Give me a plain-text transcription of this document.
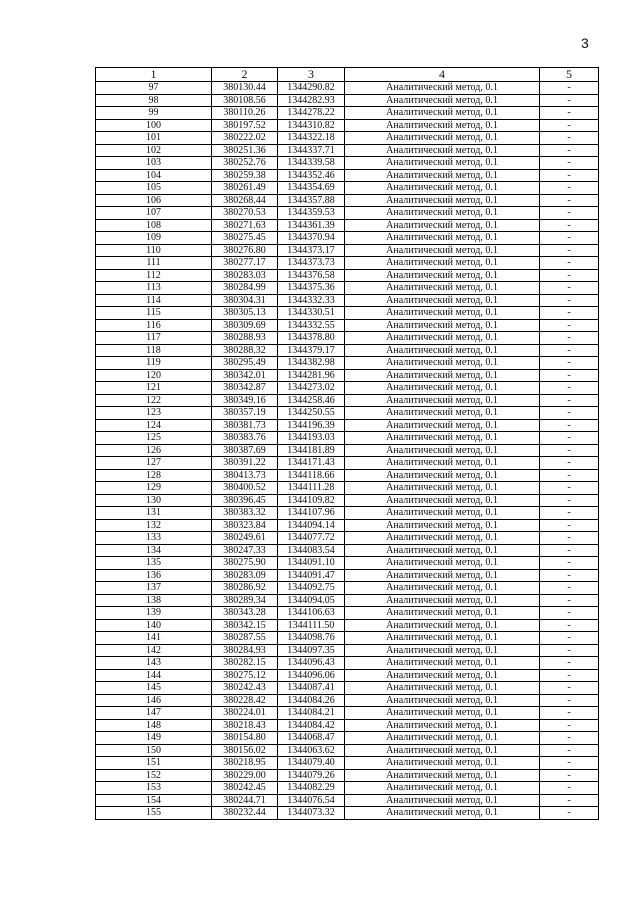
3
1	2	3	4	5
97	380130.44	1344290.82	Аналитический метод, 0.1	-
98	380108.56	1344282.93	Аналитический метод, 0.1	-
99	380110.26	1344278.22	Аналитический метод, 0.1	-
100	380197.52	1344310.82	Аналитический метод, 0.1	-
101	380222.02	1344322.18	Аналитический метод, 0.1	-
102	380251.36	1344337.71	Аналитический метод, 0.1	-
103	380252.76	1344339.58	Аналитический метод, 0.1	-
104	380259.38	1344352.46	Аналитический метод, 0.1	-
105	380261.49	1344354.69	Аналитический метод, 0.1	-
106	380268.44	1344357.88	Аналитический метод, 0.1	-
107	380270.53	1344359.53	Аналитический метод, 0.1	-
108	380271.63	1344361.39	Аналитический метод, 0.1	-
109	380275.45	1344370.94	Аналитический метод, 0.1	-
110	380276.80	1344373.17	Аналитический метод, 0.1	-
111	380277.17	1344373.73	Аналитический метод, 0.1	-
112	380283.03	1344376.58	Аналитический метод, 0.1	-
113	380284.99	1344375.36	Аналитический метод, 0.1	-
114	380304.31	1344332.33	Аналитический метод, 0.1	-
115	380305.13	1344330.51	Аналитический метод, 0.1	-
116	380309.69	1344332.55	Аналитический метод, 0.1	-
117	380288.93	1344378.80	Аналитический метод, 0.1	-
118	380288.32	1344379.17	Аналитический метод, 0.1	-
119	380295.49	1344382.98	Аналитический метод, 0.1	-
120	380342.01	1344281.96	Аналитический метод, 0.1	-
121	380342.87	1344273.02	Аналитический метод, 0.1	-
122	380349.16	1344258.46	Аналитический метод, 0.1	-
123	380357.19	1344250.55	Аналитический метод, 0.1	-
124	380381.73	1344196.39	Аналитический метод, 0.1	-
125	380383.76	1344193.03	Аналитический метод, 0.1	-
126	380387.69	1344181.89	Аналитический метод, 0.1	-
127	380391.22	1344171.43	Аналитический метод, 0.1	-
128	380413.73	1344118.66	Аналитический метод, 0.1	-
129	380400.52	1344111.28	Аналитический метод, 0.1	-
130	380396.45	1344109.82	Аналитический метод, 0.1	-
131	380383.32	1344107.96	Аналитический метод, 0.1	-
132	380323.84	1344094.14	Аналитический метод, 0.1	-
133	380249.61	1344077.72	Аналитический метод, 0.1	-
134	380247.33	1344083.54	Аналитический метод, 0.1	-
135	380275.90	1344091.10	Аналитический метод, 0.1	-
136	380283.09	1344091.47	Аналитический метод, 0.1	-
137	380286.92	1344092.75	Аналитический метод, 0.1	-
138	380289.34	1344094.05	Аналитический метод, 0.1	-
139	380343.28	1344106.63	Аналитический метод, 0.1	-
140	380342.15	1344111.50	Аналитический метод, 0.1	-
141	380287.55	1344098.76	Аналитический метод, 0.1	-
142	380284.93	1344097.35	Аналитический метод, 0.1	-
143	380282.15	1344096.43	Аналитический метод, 0.1	-
144	380275.12	1344096.06	Аналитический метод, 0.1	-
145	380242.43	1344087.41	Аналитический метод, 0.1	-
146	380228.42	1344084.26	Аналитический метод, 0.1	-
147	380224.01	1344084.21	Аналитический метод, 0.1	-
148	380218.43	1344084.42	Аналитический метод, 0.1	-
149	380154.80	1344068.47	Аналитический метод, 0.1	-
150	380156.02	1344063.62	Аналитический метод, 0.1	-
151	380218.95	1344079.40	Аналитический метод, 0.1	-
152	380229.00	1344079.26	Аналитический метод, 0.1	-
153	380242.45	1344082.29	Аналитический метод, 0.1	-
154	380244.71	1344076.54	Аналитический метод, 0.1	-
155	380232.44	1344073.32	Аналитический метод, 0.1	-
